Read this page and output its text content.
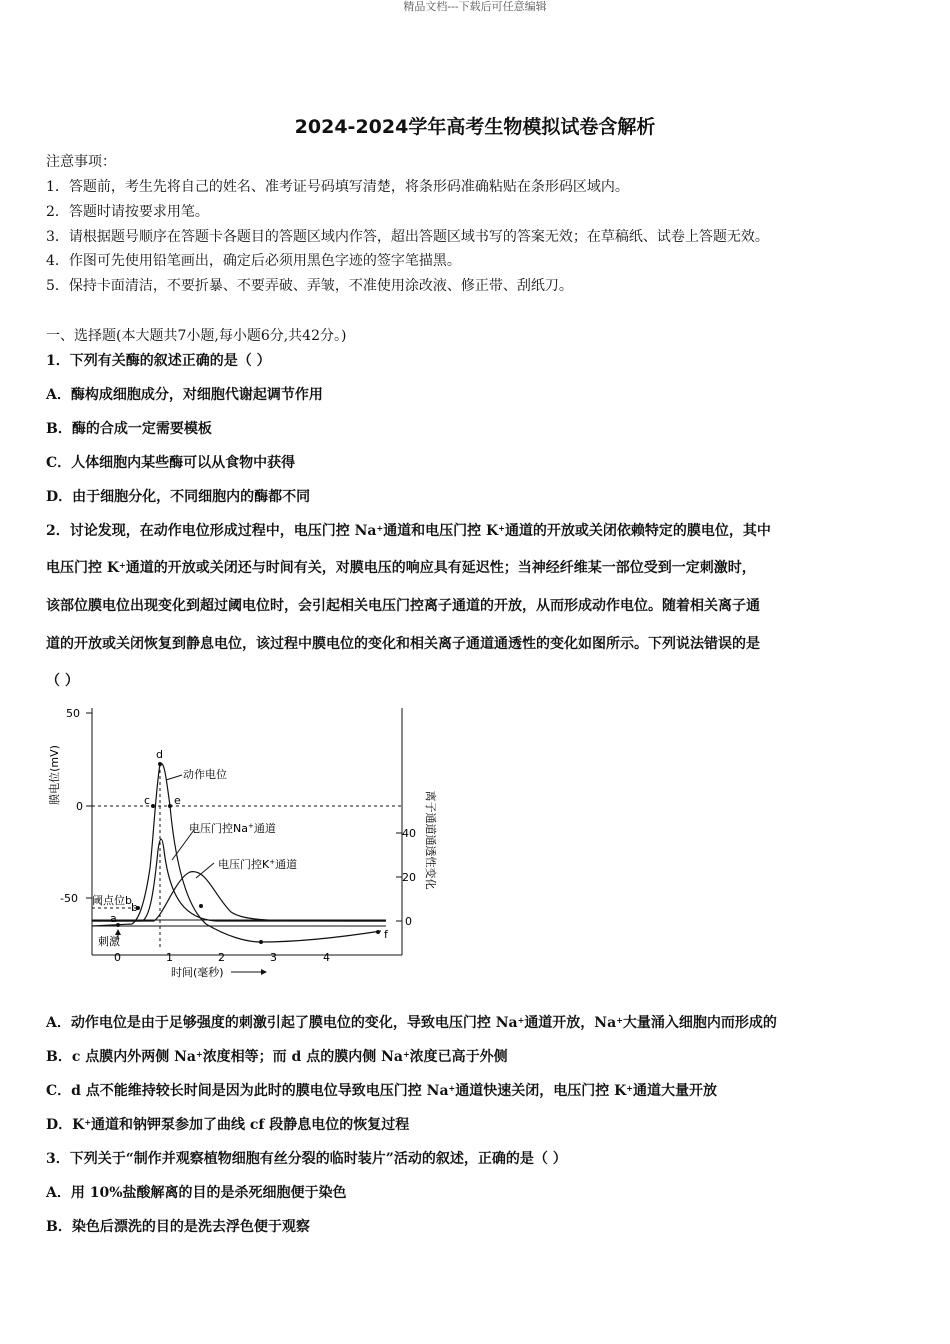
精品文档---下载后可任意编辑
2024-2024学年高考生物模拟试卷含解析
注意事项：
1．答题前，考生先将自己的姓名、准考证号码填写清楚，将条形码准确粘贴在条形码区域内。
2．答题时请按要求用笔。
3．请根据题号顺序在答题卡各题目的答题区域内作答，超出答题区域书写的答案无效；在草稿纸、试卷上答题无效。
4．作图可先使用铅笔画出，确定后必须用黑色字迹的签字笔描黑。
5．保持卡面清洁，不要折暴、不要弄破、弄皱，不准使用涂改液、修正带、刮纸刀。
一、选择题(本大题共7小题,每小题6分,共42分。)
1．下列有关酶的叙述正确的是（ ）
A．酶构成细胞成分，对细胞代谢起调节作用
B．酶的合成一定需要模板
C．人体细胞内某些酶可以从食物中获得
D．由于细胞分化，不同细胞内的酶都不同
2．讨论发现，在动作电位形成过程中，电压门控 Na+通道和电压门控 K+通道的开放或关闭依赖特定的膜电位，其中
电压门控 K+通道的开放或关闭还与时间有关，对膜电压的响应具有延迟性；当神经纤维某一部位受到一定刺激时，
该部位膜电位出现变化到超过阈电位时，会引起相关电压门控离子通道的开放，从而形成动作电位。随着相关离子通
道的开放或关闭恢复到静息电位，该过程中膜电位的变化和相关离子通道通透性的变化如图所示。下列说法错误的是
（ ）
50
0
-50
40
20
0
0	1	2	3	4
膜电位(mV)
离子通道通透性变化
时间(毫秒)
a
b
c
d
e
f
动作电位
电压门控Na+通道
电压门控K+通道
阈点位b
刺激
A．动作电位是由于足够强度的刺激引起了膜电位的变化，导致电压门控 Na+通道开放，Na+大量涌入细胞内而形成的
B．c 点膜内外两侧 Na+浓度相等；而 d 点的膜内侧 Na+浓度已高于外侧
C．d 点不能维持较长时间是因为此时的膜电位导致电压门控 Na+通道快速关闭，电压门控 K+通道大量开放
D．K+通道和钠钾泵参加了曲线 cf 段静息电位的恢复过程
3．下列关于“制作并观察植物细胞有丝分裂的临时装片”活动的叙述，正确的是（ ）
A．用 10%盐酸解离的目的是杀死细胞便于染色
B．染色后漂洗的目的是洗去浮色便于观察
